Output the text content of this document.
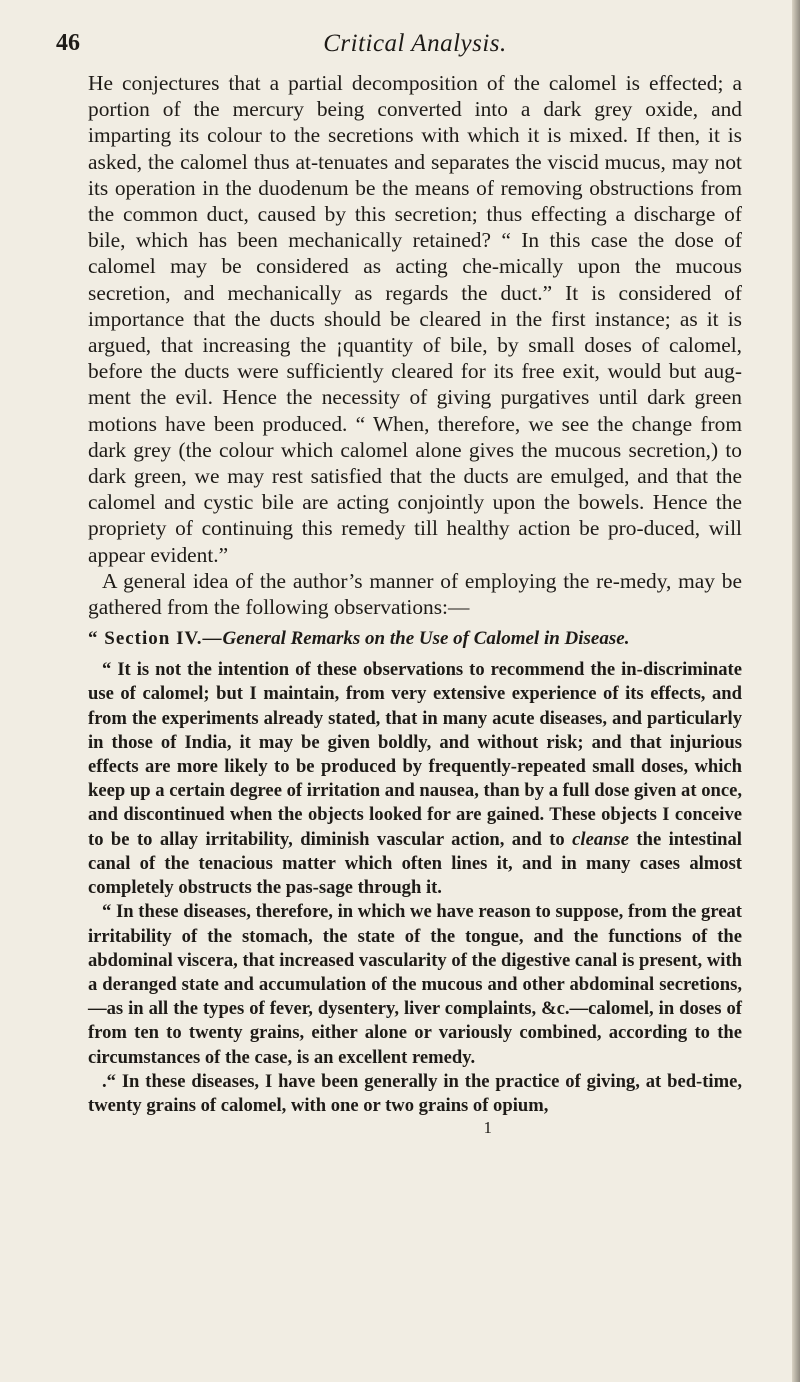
46	Critical Analysis.

He conjectures that a partial decomposition of the calomel is effected; a portion of the mercury being converted into a dark grey oxide, and imparting its colour to the secretions with which it is mixed. If then, it is asked, the calomel thus at-tenuates and separates the viscid mucus, may not its operation in the duodenum be the means of removing obstructions from the common duct, caused by this secretion; thus effecting a discharge of bile, which has been mechanically retained? “ In this case the dose of calomel may be considered as acting che-mically upon the mucous secretion, and mechanically as regards the duct.” It is considered of importance that the ducts should be cleared in the first instance; as it is argued, that increasing the ¡quantity of bile, by small doses of calomel, before the ducts were sufficiently cleared for its free exit, would but aug-ment the evil. Hence the necessity of giving purgatives until dark green motions have been produced. “ When, therefore, we see the change from dark grey (the colour which calomel alone gives the mucous secretion,) to dark green, we may rest satisfied that the ducts are emulged, and that the calomel and cystic bile are acting conjointly upon the bowels. Hence the propriety of continuing this remedy till healthy action be pro-duced, will appear evident.”

A general idea of the author’s manner of employing the re-medy, may be gathered from the following observations:—

“ Section IV.—General Remarks on the Use of Calomel in Disease.

“ It is not the intention of these observations to recommend the in-discriminate use of calomel; but I maintain, from very extensive experience of its effects, and from the experiments already stated, that in many acute diseases, and particularly in those of India, it may be given boldly, and without risk; and that injurious effects are more likely to be produced by frequently-repeated small doses, which keep up a certain degree of irritation and nausea, than by a full dose given at once, and discontinued when the objects looked for are gained. These objects I conceive to be to allay irritability, diminish vascular action, and to cleanse the intestinal canal of the tenacious matter which often lines it, and in many cases almost completely obstructs the pas-sage through it.

“ In these diseases, therefore, in which we have reason to suppose, from the great irritability of the stomach, the state of the tongue, and the functions of the abdominal viscera, that increased vascularity of the digestive canal is present, with a deranged state and accumulation of the mucous and other abdominal secretions,—as in all the types of fever, dysentery, liver complaints, &c.—calomel, in doses of from ten to twenty grains, either alone or variously combined, according to the circumstances of the case, is an excellent remedy.

.“ In these diseases, I have been generally in the practice of giving, at bed-time, twenty grains of calomel, with one or two grains of opium,

1
